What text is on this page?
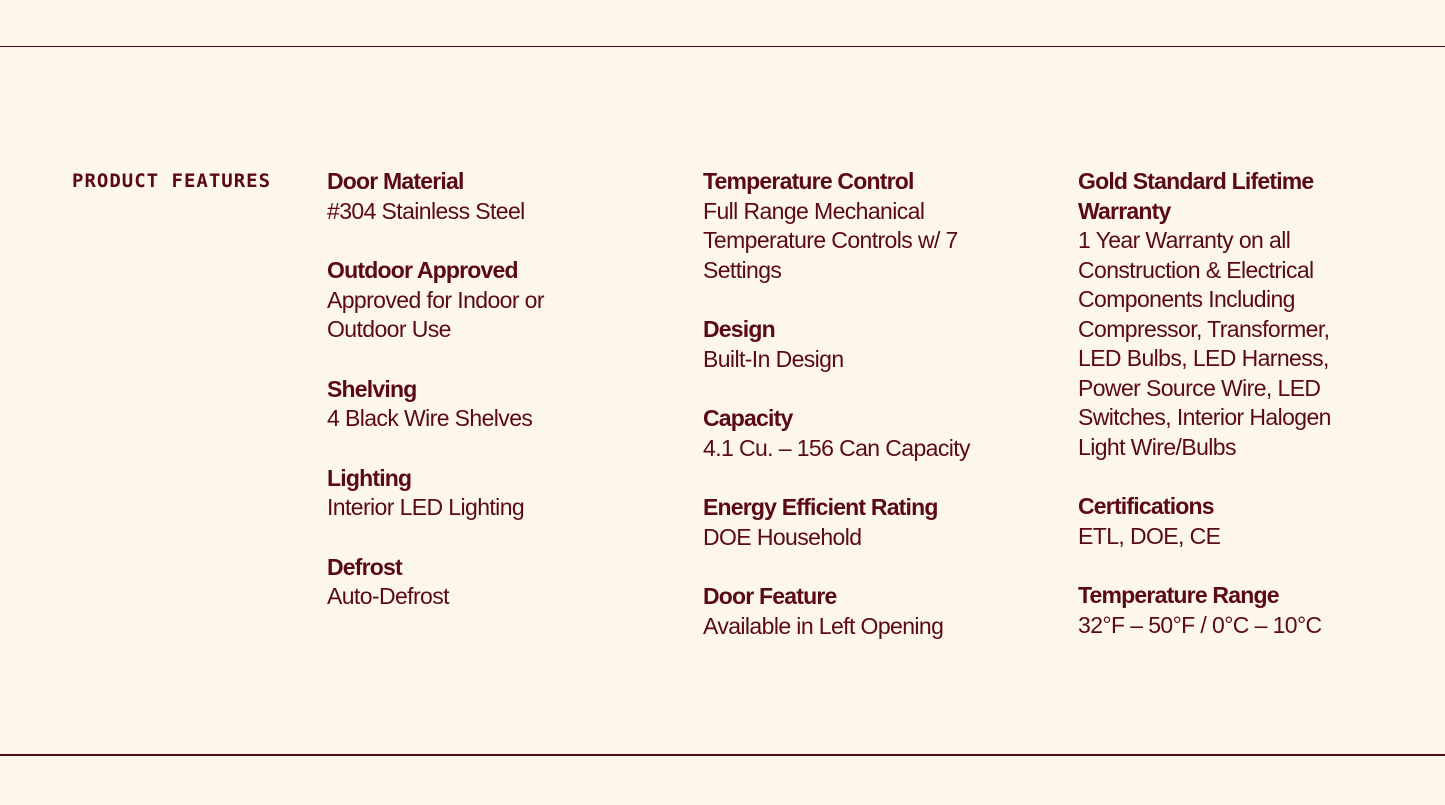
PRODUCT FEATURES Door Material
#304 Stainless Steel
Outdoor Approved
Approved for Indoor or Outdoor Use
Shelving
4 Black Wire Shelves
Lighting
Interior LED Lighting
Defrost
Auto-Defrost
Temperature Control
Full Range Mechanical Temperature Controls w/ 7 Settings
Design
Built-In Design
Capacity
4.1 Cu. – 156 Can Capacity
Energy Efficient Rating
DOE Household
Door Feature
Available in Left Opening
Gold Standard Lifetime Warranty
1 Year Warranty on all Construction & Electrical Components Including Compressor, Transformer, LED Bulbs, LED Harness, Power Source Wire, LED Switches, Interior Halogen Light Wire/Bulbs
Certifications
ETL, DOE, CE
Temperature Range
32°F – 50°F / 0°C – 10°C
